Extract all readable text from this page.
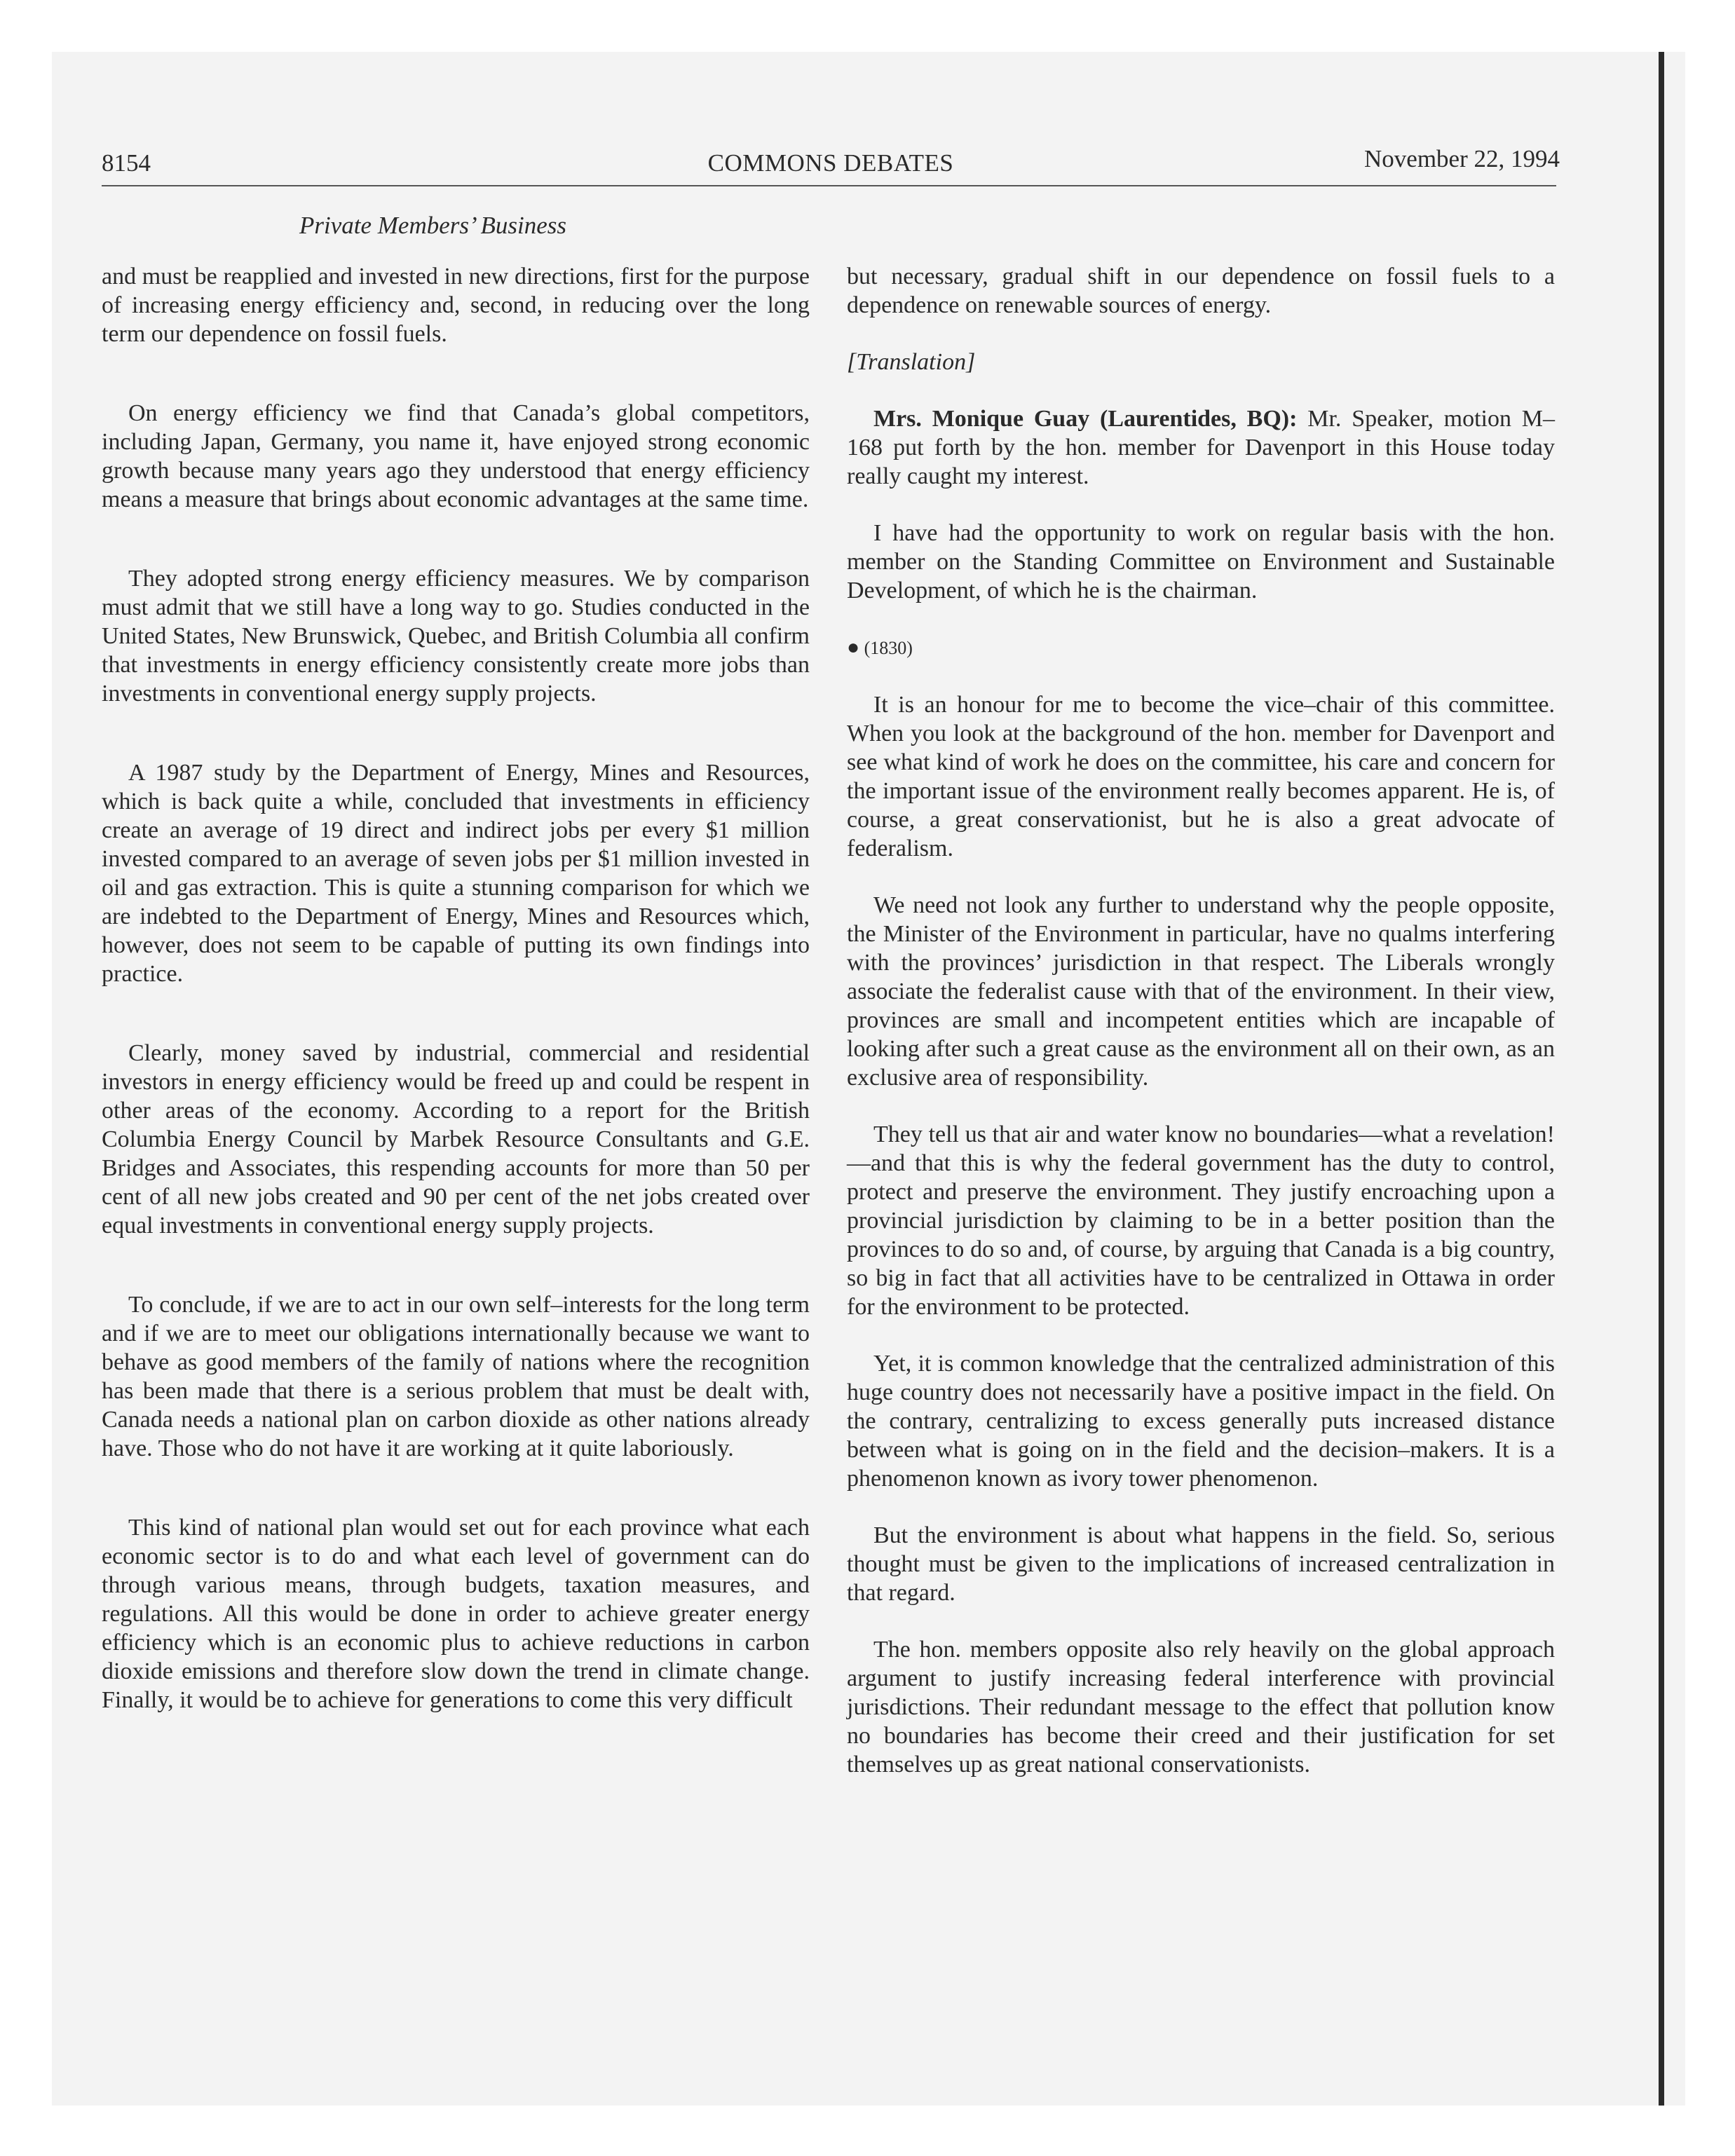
8154	COMMONS DEBATES	November 22, 1994
Private Members’ Business

and must be reapplied and invested in new directions, first for the purpose of increasing energy efficiency and, second, in reducing over the long term our dependence on fossil fuels.

On energy efficiency we find that Canada’s global competitors, including Japan, Germany, you name it, have enjoyed strong economic growth because many years ago they understood that energy efficiency means a measure that brings about economic advantages at the same time.

They adopted strong energy efficiency measures. We by comparison must admit that we still have a long way to go. Studies conducted in the United States, New Brunswick, Quebec, and British Columbia all confirm that investments in energy efficiency consistently create more jobs than investments in conventional energy supply projects.

A 1987 study by the Department of Energy, Mines and Resources, which is back quite a while, concluded that investments in efficiency create an average of 19 direct and indirect jobs per every $1 million invested compared to an average of seven jobs per $1 million invested in oil and gas extraction. This is quite a stunning comparison for which we are indebted to the Department of Energy, Mines and Resources which, however, does not seem to be capable of putting its own findings into practice.

Clearly, money saved by industrial, commercial and residential investors in energy efficiency would be freed up and could be respent in other areas of the economy. According to a report for the British Columbia Energy Council by Marbek Resource Consultants and G.E. Bridges and Associates, this respending accounts for more than 50 per cent of all new jobs created and 90 per cent of the net jobs created over equal investments in conventional energy supply projects.

To conclude, if we are to act in our own self–interests for the long term and if we are to meet our obligations internationally because we want to behave as good members of the family of nations where the recognition has been made that there is a serious problem that must be dealt with, Canada needs a national plan on carbon dioxide as other nations already have. Those who do not have it are working at it quite laboriously.

This kind of national plan would set out for each province what each economic sector is to do and what each level of government can do through various means, through budgets, taxation measures, and regulations. All this would be done in order to achieve greater energy efficiency which is an economic plus to achieve reductions in carbon dioxide emissions and therefore slow down the trend in climate change. Finally, it would be to achieve for generations to come this very difficult

but necessary, gradual shift in our dependence on fossil fuels to a dependence on renewable sources of energy.

[Translation]

Mrs. Monique Guay (Laurentides, BQ): Mr. Speaker, motion M–168 put forth by the hon. member for Davenport in this House today really caught my interest.

I have had the opportunity to work on regular basis with the hon. member on the Standing Committee on Environment and Sustainable Development, of which he is the chairman.

● (1830)

It is an honour for me to become the vice–chair of this committee. When you look at the background of the hon. member for Davenport and see what kind of work he does on the committee, his care and concern for the important issue of the environment really becomes apparent. He is, of course, a great conservationist, but he is also a great advocate of federalism.

We need not look any further to understand why the people opposite, the Minister of the Environment in particular, have no qualms interfering with the provinces’ jurisdiction in that respect. The Liberals wrongly associate the federalist cause with that of the environment. In their view, provinces are small and incompetent entities which are incapable of looking after such a great cause as the environment all on their own, as an exclusive area of responsibility.

They tell us that air and water know no boundaries—what a revelation!—and that this is why the federal government has the duty to control, protect and preserve the environment. They justify encroaching upon a provincial jurisdiction by claiming to be in a better position than the provinces to do so and, of course, by arguing that Canada is a big country, so big in fact that all activities have to be centralized in Ottawa in order for the environment to be protected.

Yet, it is common knowledge that the centralized administration of this huge country does not necessarily have a positive impact in the field. On the contrary, centralizing to excess generally puts increased distance between what is going on in the field and the decision–makers. It is a phenomenon known as ivory tower phenomenon.

But the environment is about what happens in the field. So, serious thought must be given to the implications of increased centralization in that regard.

The hon. members opposite also rely heavily on the global approach argument to justify increasing federal interference with provincial jurisdictions. Their redundant message to the effect that pollution know no boundaries has become their creed and their justification for set themselves up as great national conservationists.
